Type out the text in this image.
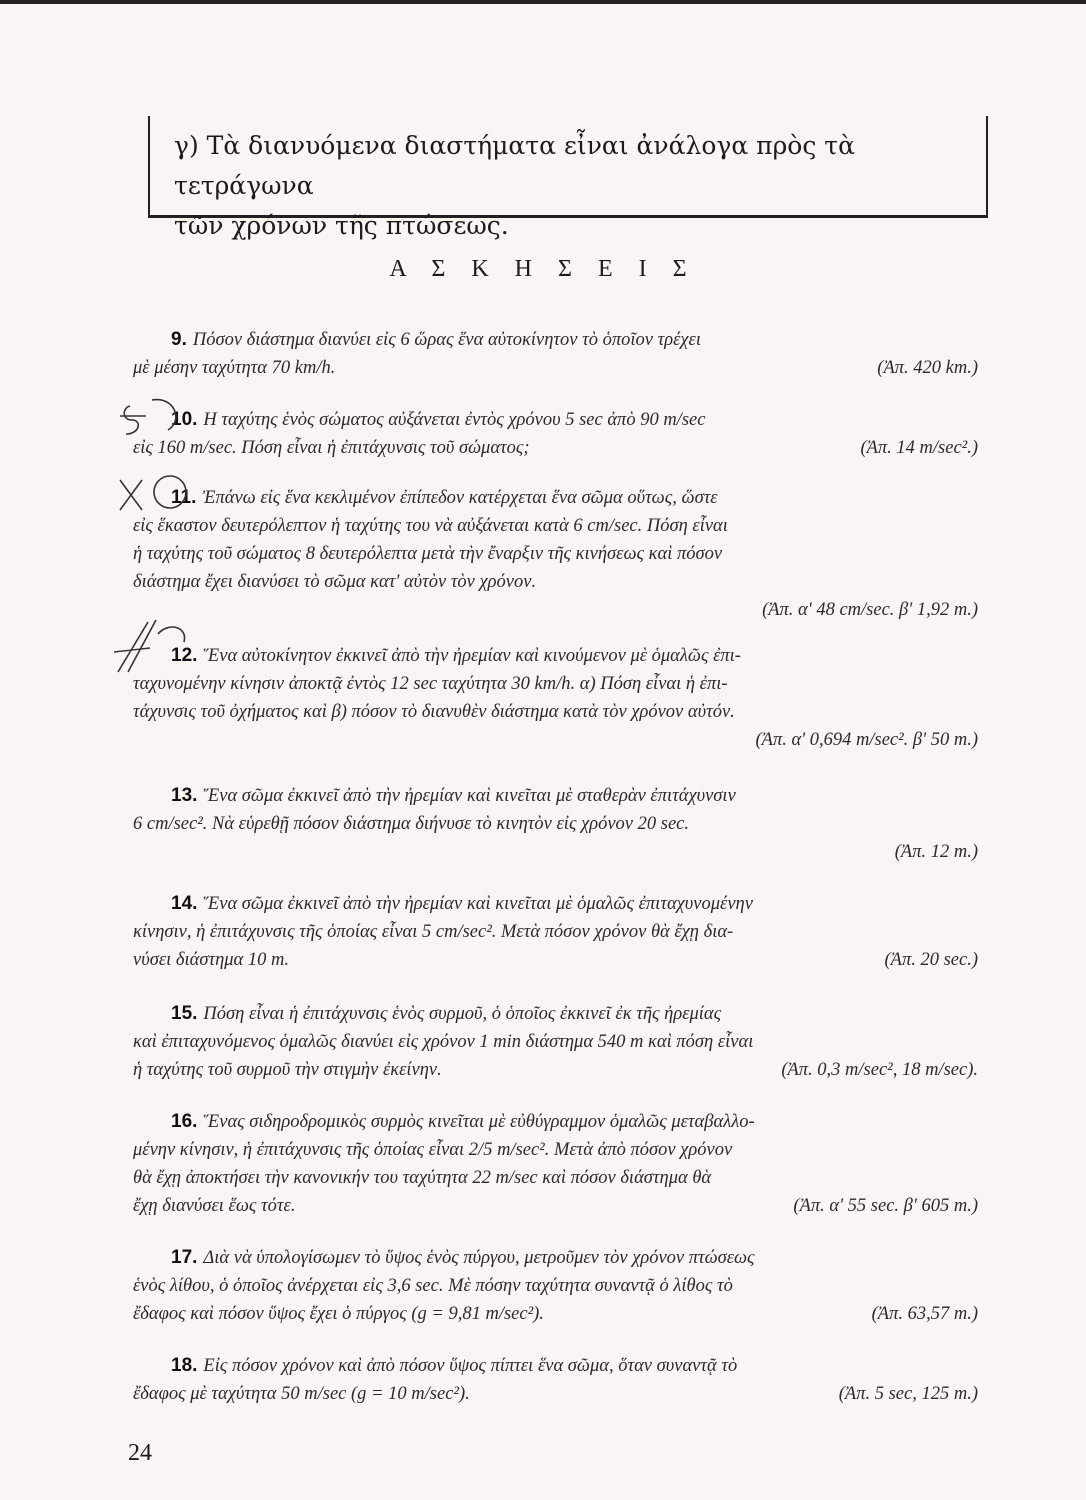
γ) Τὰ διανυόμενα διαστήματα εἶναι ἀνάλογα πρὸς τὰ τετράγωνα
τῶν χρόνων τῆς πτώσεως.
Α Σ Κ Η Σ Ε Ι Σ
9. Πόσον διάστημα διανύει εἰς 6 ὥρας ἕνα αὐτοκίνητον τὸ ὁποῖον τρέχει
μὲ μέσην ταχύτητα 70 km/h.	(Ἀπ. 420 km.)
10. Η ταχύτης ἑνὸς σώματος αὐξάνεται ἐντὸς χρόνου 5 sec ἀπὸ 90 m/sec
εἰς 160 m/sec. Πόση εἶναι ἡ ἐπιτάχυνσις τοῦ σώματος;	(Ἀπ. 14 m/sec².)
11. Ἐπάνω εἰς ἕνα κεκλιμένον ἐπίπεδον κατέρχεται ἕνα σῶμα οὕτως, ὥστε
εἰς ἕκαστον δευτερόλεπτον ἡ ταχύτης του νὰ αὐξάνεται κατὰ 6 cm/sec. Πόση εἶναι
ἡ ταχύτης τοῦ σώματος 8 δευτερόλεπτα μετὰ τὴν ἔναρξιν τῆς κινήσεως καὶ πόσον
διάστημα ἔχει διανύσει τὸ σῶμα κατ' αὐτὸν τὸν χρόνον.
(Ἀπ. α' 48 cm/sec. β' 1,92 m.)
12. Ἕνα αὐτοκίνητον ἐκκινεῖ ἀπὸ τὴν ἠρεμίαν καὶ κινούμενον μὲ ὁμαλῶς ἐπι-
ταχυνομένην κίνησιν ἀποκτᾷ ἐντὸς 12 sec ταχύτητα 30 km/h. α) Πόση εἶναι ἡ ἐπι-
τάχυνσις τοῦ ὀχήματος καὶ β) πόσον τὸ διανυθὲν διάστημα κατὰ τὸν χρόνον αὐτόν.
(Ἀπ. α' 0,694 m/sec². β' 50 m.)
13. Ἕνα σῶμα ἐκκινεῖ ἀπὸ τὴν ἠρεμίαν καὶ κινεῖται μὲ σταθερὰν ἐπιτάχυνσιν
6 cm/sec². Νὰ εὑρεθῇ πόσον διάστημα διήνυσε τὸ κινητὸν εἰς χρόνον 20 sec.
(Ἀπ. 12 m.)
14. Ἕνα σῶμα ἐκκινεῖ ἀπὸ τὴν ἠρεμίαν καὶ κινεῖται μὲ ὁμαλῶς ἐπιταχυνομένην
κίνησιν, ἡ ἐπιτάχυνσις τῆς ὁποίας εἶναι 5 cm/sec². Μετὰ πόσον χρόνον θὰ ἔχῃ δια-
νύσει διάστημα 10 m.	(Ἀπ. 20 sec.)
15. Πόση εἶναι ἡ ἐπιτάχυνσις ἑνὸς συρμοῦ, ὁ ὁποῖος ἐκκινεῖ ἐκ τῆς ἠρεμίας
καὶ ἐπιταχυνόμενος ὁμαλῶς διανύει εἰς χρόνον 1 min διάστημα 540 m καὶ πόση εἶναι
ἡ ταχύτης τοῦ συρμοῦ τὴν στιγμὴν ἐκείνην.	(Ἀπ. 0,3 m/sec², 18 m/sec).
16. Ἕνας σιδηροδρομικὸς συρμὸς κινεῖται μὲ εὐθύγραμμον ὁμαλῶς μεταβαλλο-
μένην κίνησιν, ἡ ἐπιτάχυνσις τῆς ὁποίας εἶναι 2/5 m/sec². Μετὰ ἀπὸ πόσον χρόνον
θὰ ἔχῃ ἀποκτήσει τὴν κανονικήν του ταχύτητα 22 m/sec καὶ πόσον διάστημα θὰ
ἔχῃ διανύσει ἕως τότε.	(Ἀπ. α' 55 sec. β' 605 m.)
17. Διὰ νὰ ὑπολογίσωμεν τὸ ὕψος ἑνὸς πύργου, μετροῦμεν τὸν χρόνον πτώσεως
ἑνὸς λίθου, ὁ ὁποῖος ἀνέρχεται εἰς 3,6 sec. Μὲ πόσην ταχύτητα συναντᾷ ὁ λίθος τὸ
ἔδαφος καὶ πόσον ὕψος ἔχει ὁ πύργος (g = 9,81 m/sec²).	(Ἀπ. 63,57 m.)
18. Εἰς πόσον χρόνον καὶ ἀπὸ πόσον ὕψος πίπτει ἕνα σῶμα, ὅταν συναντᾷ τὸ
ἔδαφος μὲ ταχύτητα 50 m/sec (g = 10 m/sec²).	(Ἀπ. 5 sec, 125 m.)
24
